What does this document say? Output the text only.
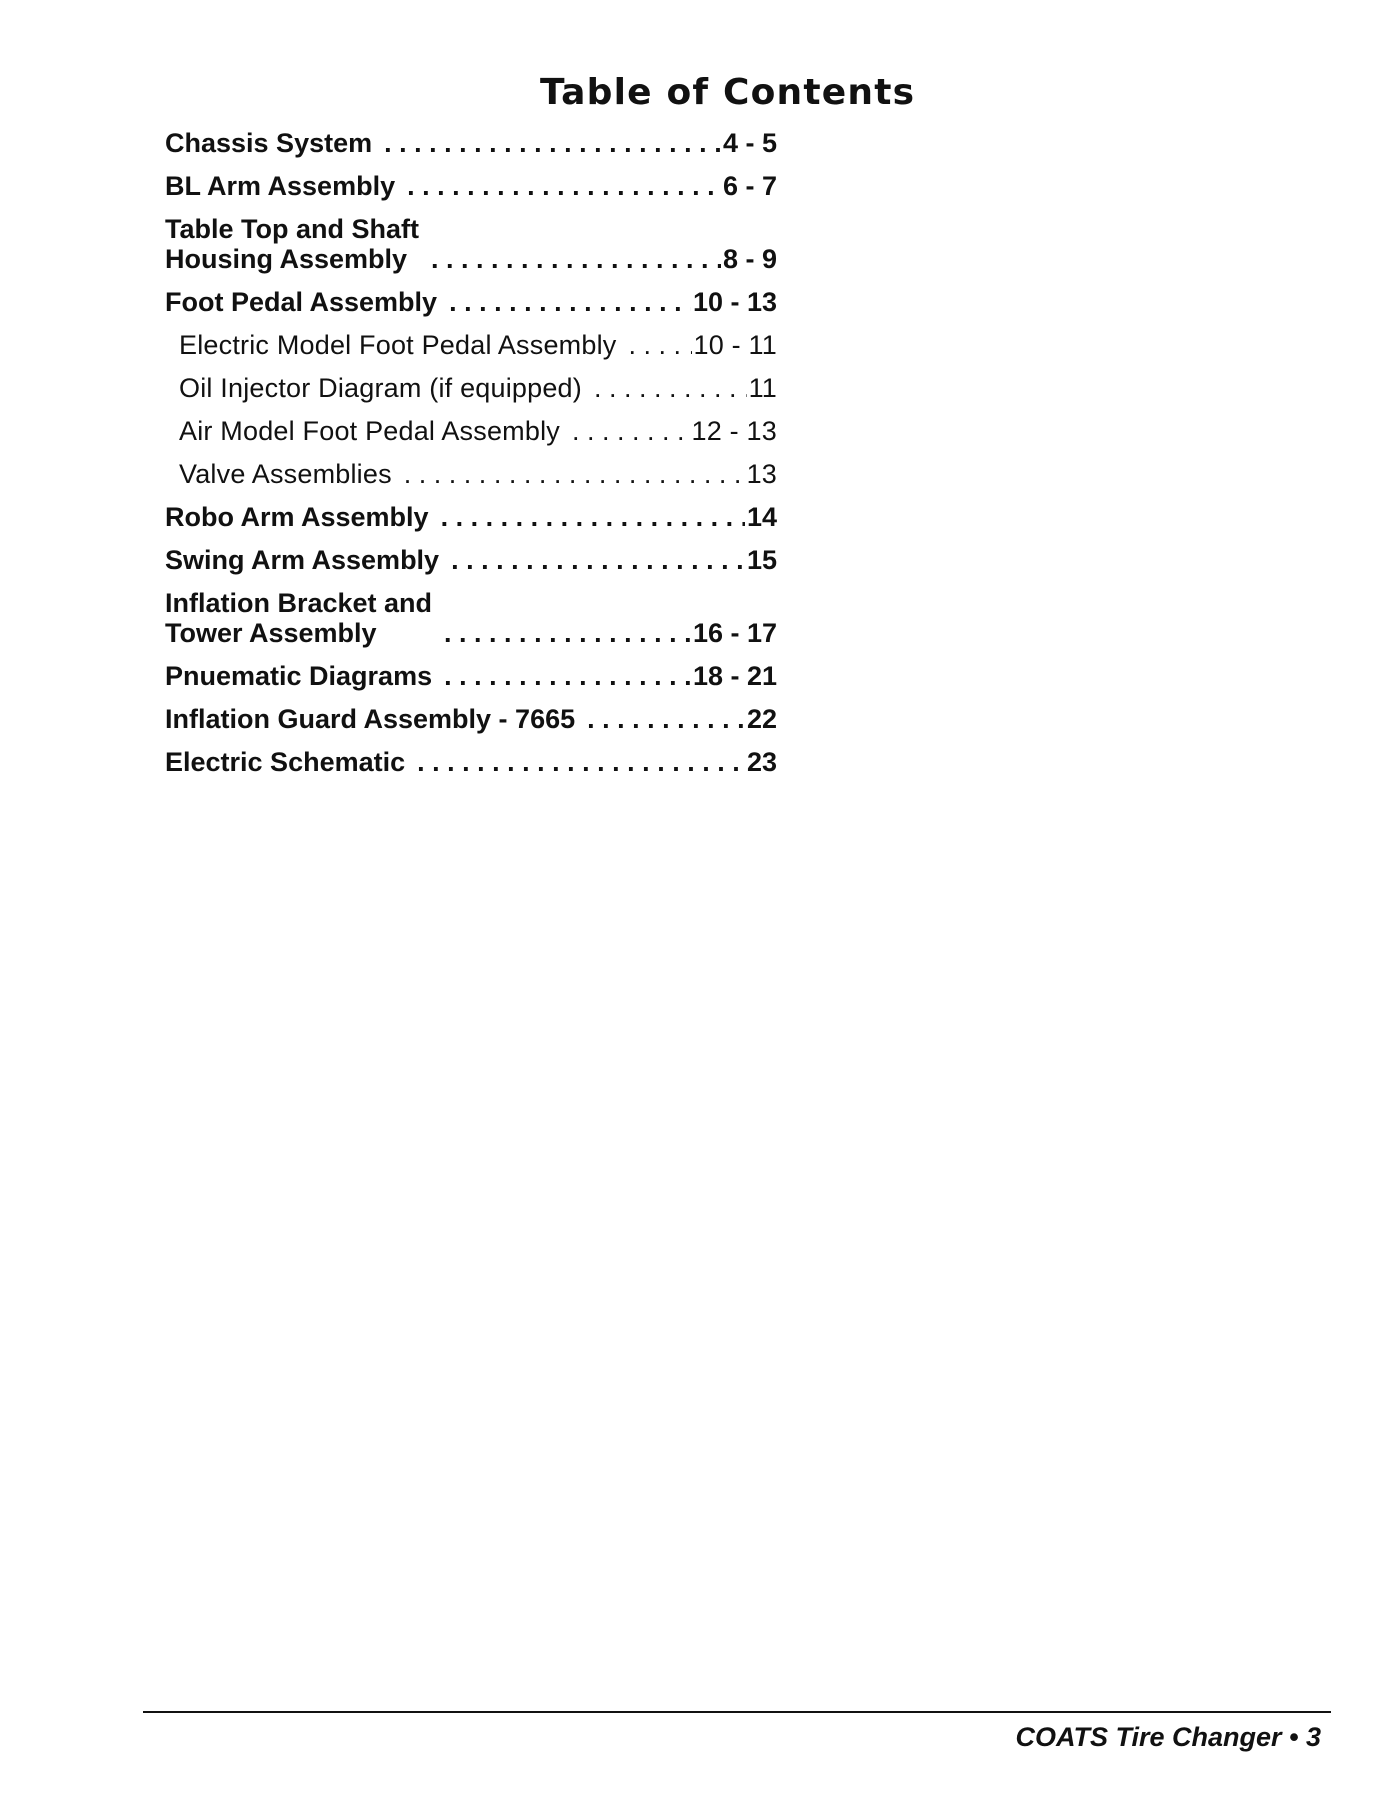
Table of Contents
Chassis System . . .	4 - 5
BL Arm Assembly . . .	6 - 7
Table Top and Shaft
Housing Assembly . . .	8 - 9
Foot Pedal Assembly . . .	10 - 13
Electric Model Foot Pedal Assembly . . .	10 - 11
Oil Injector Diagram (if equipped) . . .	11
Air Model Foot Pedal Assembly . . .	12 - 13
Valve Assemblies . . .	13
Robo Arm Assembly . . .	14
Swing Arm Assembly . . .	15
Inflation Bracket and
Tower Assembly . . .	16 - 17
Pnuematic Diagrams . . .	18 - 21
Inflation Guard Assembly - 7665 . . .	22
Electric Schematic . . .	23
COATS Tire Changer • 3
